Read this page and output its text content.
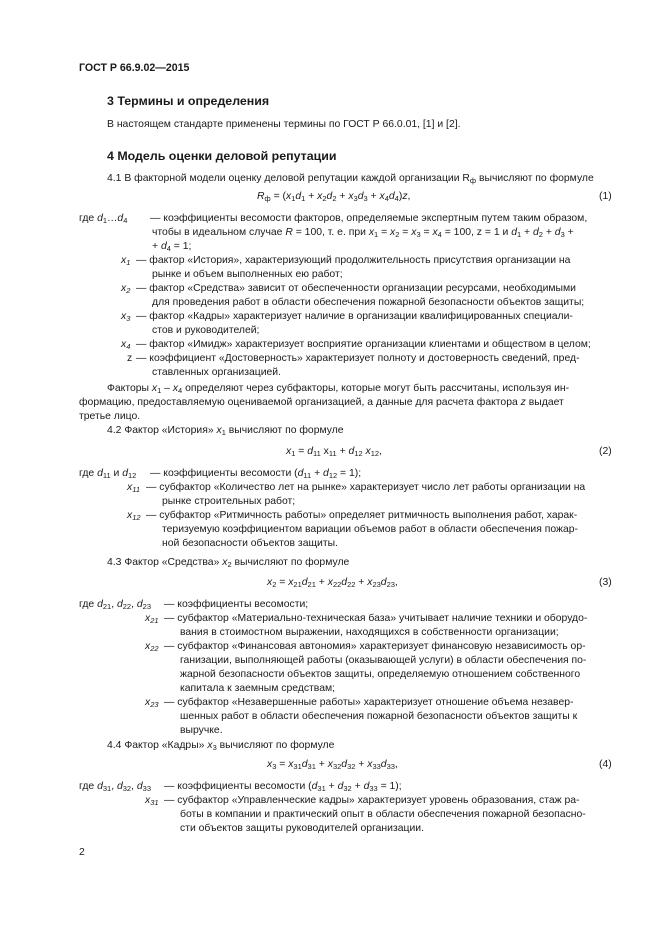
ГОСТ Р 66.9.02—2015
3 Термины и определения
В настоящем стандарте применены термины по ГОСТ Р 66.0.01, [1] и [2].
4 Модель оценки деловой репутации
4.1 В факторной модели оценку деловой репутации каждой организации $R_ф$ вычисляют по формуле
$R_ф = (x_1d_1 + x_2d_2 + x_3d_3 + x_4d_4)z$,	(1)
где $d_1\dots d_4$ — коэффициенты весомости факторов, определяемые экспертным путем таким образом,
чтобы в идеальном случае R = 100, т. е. при $x_1 = x_2 = x_3 = x_4 = 100$, z = 1 и $d_1 + d_2 + d_3$ +
+ $d_4 = 1$;
$x_1$ — фактор «История», характеризующий продолжительность присутствия организации на
рынке и объем выполненных ею работ;
$x_2$ — фактор «Средства» зависит от обеспеченности организации ресурсами, необходимыми
для проведения работ в области обеспечения пожарной безопасности объектов защиты;
$x_3$ — фактор «Кадры» характеризует наличие в организации квалифицированных специали-
стов и руководителей;
$x_4$ — фактор «Имидж» характеризует восприятие организации клиентами и обществом в целом;
z — коэффициент «Достоверность» характеризует полноту и достоверность сведений, пред-
ставленных организацией.
Факторы $x_1 - x_4$ определяют через субфакторы, которые могут быть рассчитаны, используя ин-
формацию, предоставляемую оцениваемой организацией, а данные для расчета фактора z выдает
третье лицо.
4.2 Фактор «История» $x_1$ вычисляют по формуле
$x_1 = d_{11}$ $x_{11} + d_{12}$ $x_{12}$,	(2)
где $d_{11}$ и $d_{12}$ — коэффициенты весомости $(d_{11} + d_{12} = 1)$;
$x_{11}$ — субфактор «Количество лет на рынке» характеризует число лет работы организации на
рынке строительных работ;
$x_{12}$ — субфактор «Ритмичность работы» определяет ритмичность выполнения работ, харак-
теризуемую коэффициентом вариации объемов работ в области обеспечения пожар-
ной безопасности объектов защиты.
4.3 Фактор «Средства» $x_2$ вычисляют по формуле
$x_2 = x_{21}d_{21} + x_{22}d_{22} + x_{23}d_{23}$,	(3)
где $d_{21}$, $d_{22}$, $d_{23}$ — коэффициенты весомости;
$x_{21}$ — субфактор «Материально-техническая база» учитывает наличие техники и оборудо-
вания в стоимостном выражении, находящихся в собственности организации;
$x_{22}$ — субфактор «Финансовая автономия» характеризует финансовую независимость ор-
ганизации, выполняющей работы (оказывающей услуги) в области обеспечения по-
жарной безопасности объектов защиты, определяемую отношением собственного
капитала к заемным средствам;
$x_{23}$ — субфактор «Незавершенные работы» характеризует отношение объема незавер-
шенных работ в области обеспечения пожарной безопасности объектов защиты к
выручке.
4.4 Фактор «Кадры» $x_3$ вычисляют по формуле
$x_3 = x_{31}d_{31} + x_{32}d_{32} + x_{33}d_{33}$,	(4)
где $d_{31}$, $d_{32}$, $d_{33}$ — коэффициенты весомости $(d_{31} + d_{32} + d_{33} = 1)$;
$x_{31}$ — субфактор «Управленческие кадры» характеризует уровень образования, стаж ра-
боты в компании и практический опыт в области обеспечения пожарной безопасно-
сти объектов защиты руководителей организации.
2
